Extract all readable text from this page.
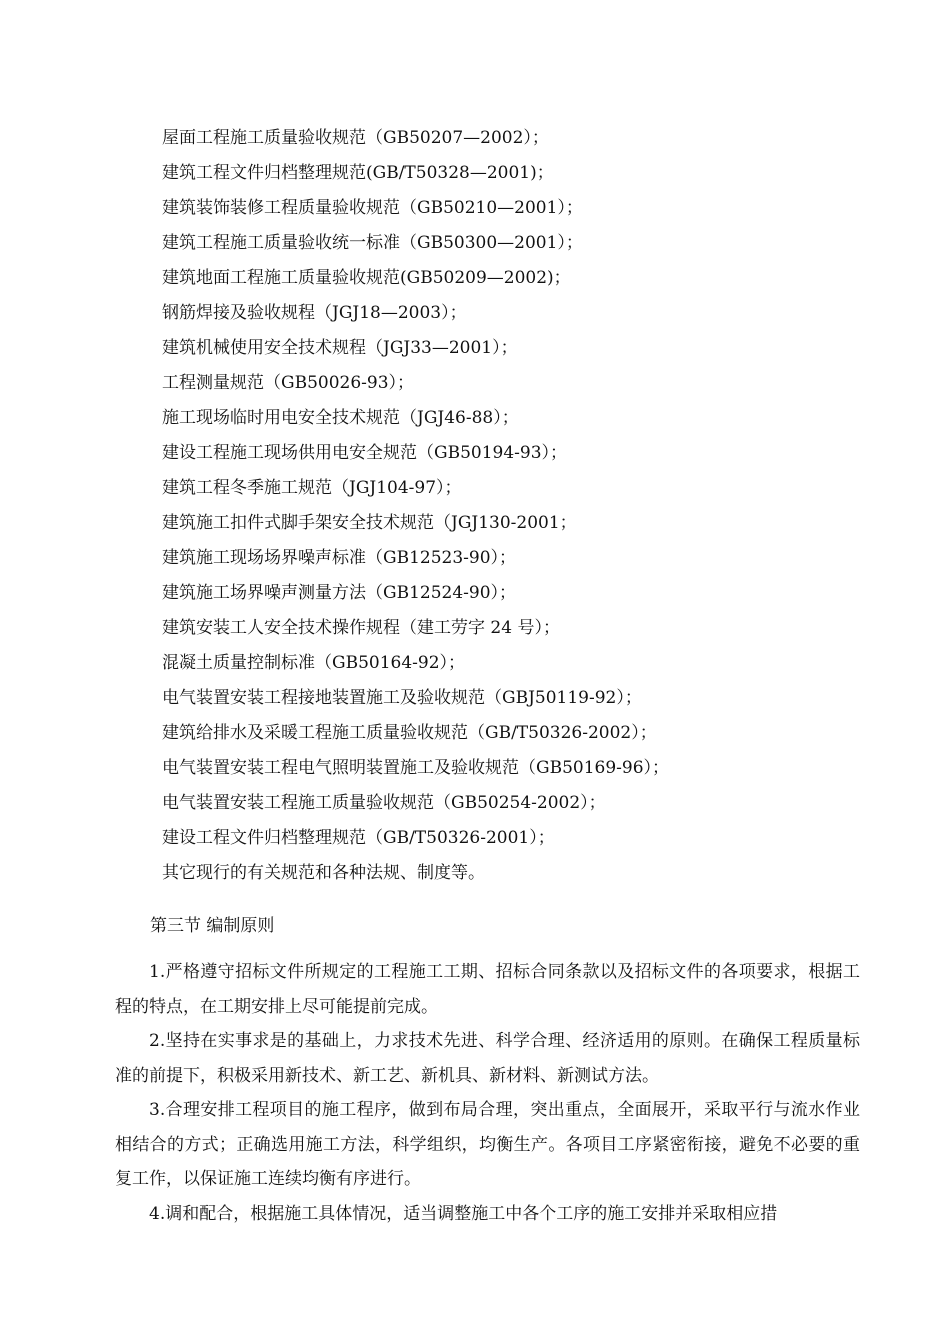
屋面工程施工质量验收规范（GB50207—2002）；
建筑工程文件归档整理规范(GB/T50328—2001)；
建筑装饰装修工程质量验收规范（GB50210—2001）；
建筑工程施工质量验收统一标准（GB50300—2001）；
建筑地面工程施工质量验收规范(GB50209—2002)；
钢筋焊接及验收规程（JGJ18—2003）；
建筑机械使用安全技术规程（JGJ33—2001）；
工程测量规范（GB50026-93）；
施工现场临时用电安全技术规范（JGJ46-88）；
建设工程施工现场供用电安全规范（GB50194-93）；
建筑工程冬季施工规范（JGJ104-97）；
建筑施工扣件式脚手架安全技术规范（JGJ130-2001；
建筑施工现场场界噪声标准（GB12523-90）；
建筑施工场界噪声测量方法（GB12524-90）；
建筑安装工人安全技术操作规程（建工劳字 24 号）；
混凝土质量控制标准（GB50164-92）；
电气装置安装工程接地装置施工及验收规范（GBJ50119-92）；
建筑给排水及采暖工程施工质量验收规范（GB/T50326-2002）；
电气装置安装工程电气照明装置施工及验收规范（GB50169-96）；
电气装置安装工程施工质量验收规范（GB50254-2002）；
建设工程文件归档整理规范（GB/T50326-2001）；
其它现行的有关规范和各种法规、制度等。
第三节 编制原则

1.严格遵守招标文件所规定的工程施工工期、招标合同条款以及招标文件的各项要求，根据工程的特点，在工期安排上尽可能提前完成。

2.坚持在实事求是的基础上，力求技术先进、科学合理、经济适用的原则。在确保工程质量标准的前提下，积极采用新技术、新工艺、新机具、新材料、新测试方法。

3.合理安排工程项目的施工程序，做到布局合理，突出重点，全面展开，采取平行与流水作业相结合的方式；正确选用施工方法，科学组织，均衡生产。各项目工序紧密衔接，避免不必要的重复工作，以保证施工连续均衡有序进行。

4.调和配合，根据施工具体情况，适当调整施工中各个工序的施工安排并采取相应措
